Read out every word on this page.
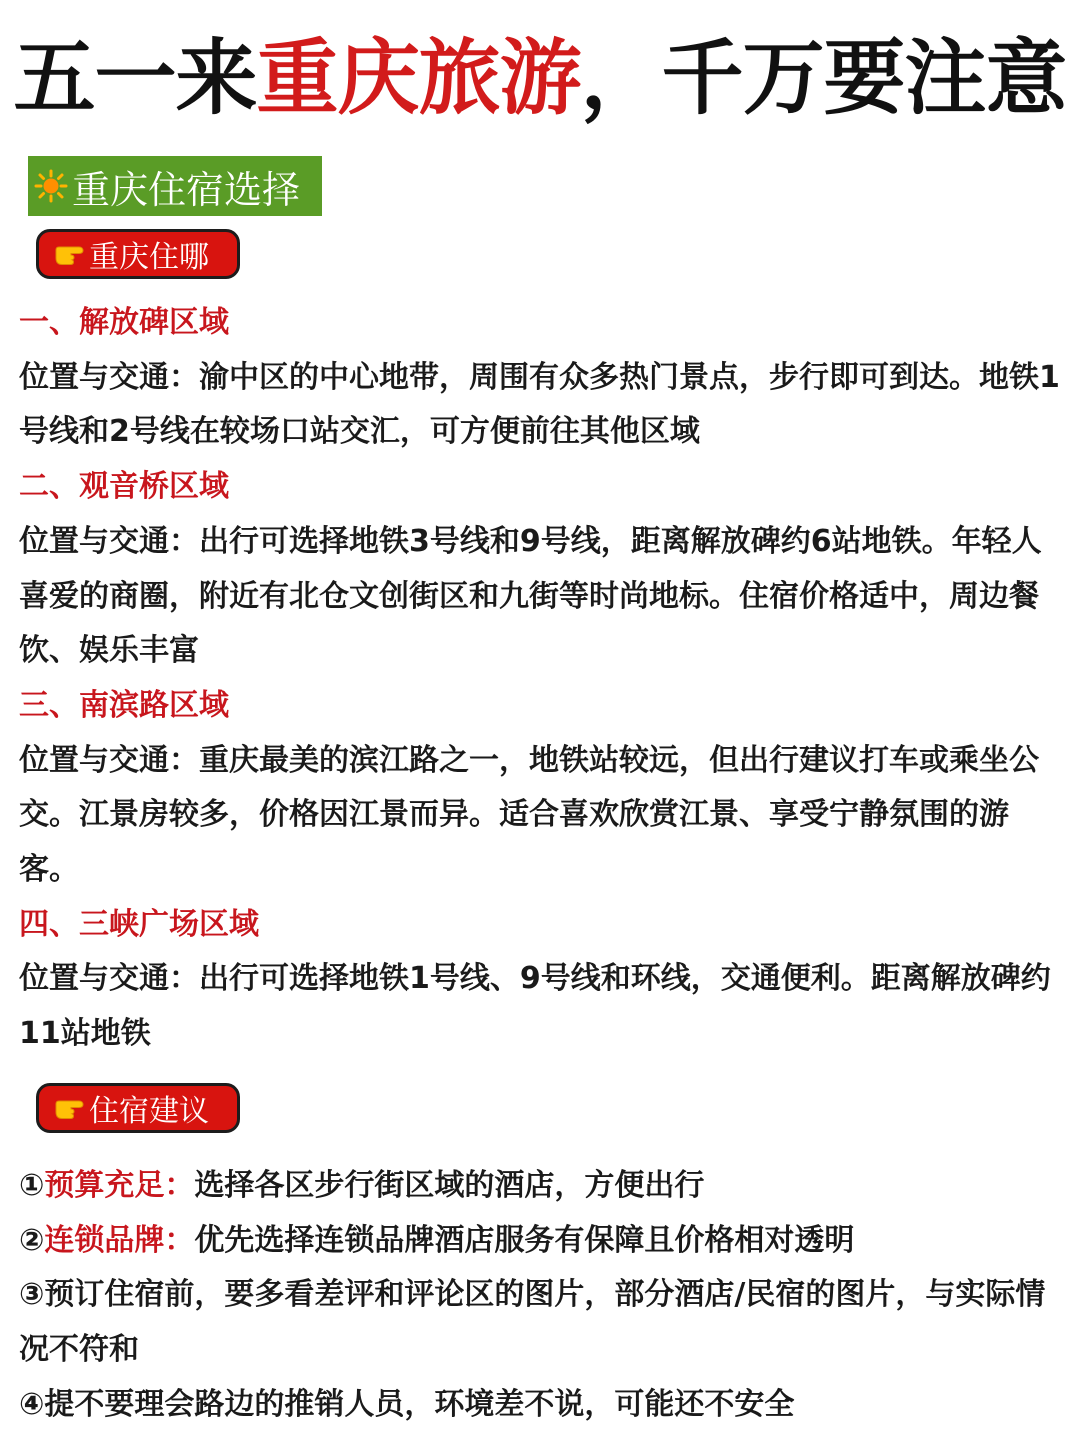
五一来重庆旅游，千万要注意
重庆住宿选择
重庆住哪
一、解放碑区域
位置与交通：渝中区的中心地带，周围有众多热门景点，步行即可到达。地铁1号线和2号线在较场口站交汇，可方便前往其他区域
二、观音桥区域
位置与交通：出行可选择地铁3号线和9号线，距离解放碑约6站地铁。年轻人喜爱的商圈，附近有北仓文创街区和九街等时尚地标。住宿价格适中，周边餐饮、娱乐丰富
三、南滨路区域
位置与交通：重庆最美的滨江路之一，地铁站较远，但出行建议打车或乘坐公交。江景房较多，价格因江景而异。适合喜欢欣赏江景、享受宁静氛围的游客。
四、三峡广场区域
位置与交通：出行可选择地铁1号线、9号线和环线，交通便利。距离解放碑约11站地铁
住宿建议
①预算充足：选择各区步行街区域的酒店，方便出行
②连锁品牌：优先选择连锁品牌酒店服务有保障且价格相对透明
③预订住宿前，要多看差评和评论区的图片，部分酒店/民宿的图片，与实际情况不符和
④提不要理会路边的推销人员，环境差不说，可能还不安全
